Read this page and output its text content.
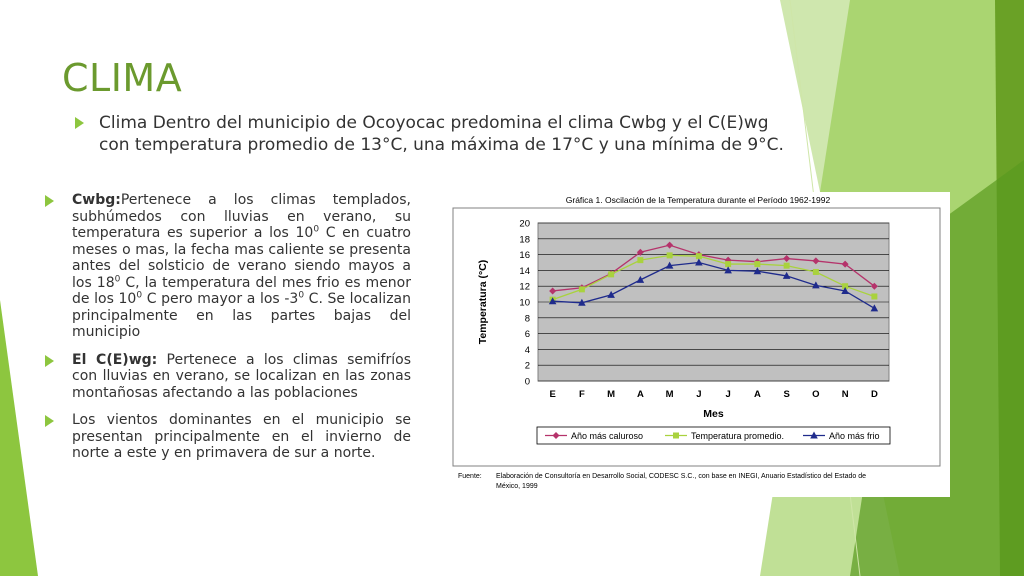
CLIMA
Clima Dentro del municipio de Ocoyocac predomina el clima Cwbg y el C(E)wg con temperatura promedio de 13°C, una máxima de 17°C y una mínima de 9°C.
Cwbg:Pertenece a los climas templados, subhúmedos con lluvias en verano, su temperatura es superior a los $10^0$ C en cuatro meses o mas, la fecha mas caliente se presenta antes del solsticio de verano siendo mayos a los $18^0$ C, la temperatura del mes frio es menor de los $10^0$ C pero mayor a los $-3^0$ C. Se localizan principalmente en las partes bajas del municipio
El C(E)wg: Pertenece a los climas semifríos con lluvias en verano, se localizan en las zonas montañosas afectando a las poblaciones
Los vientos dominantes en el municipio se presentan principalmente en el invierno de norte a este y en primavera de sur a norte.
Gráfica 1. Oscilación de la Temperatura durante el Período 1962-1992
0
2
4
6
8
10
12
14
16
18
20
E F M A M J	J A S O N D
Mes
Temperatura (°C)
Año más caluroso	Temperatura promedio.	Año más frio
Fuente: Elaboración de Consultoría en Desarrollo Social, CODESC S.C., con base en INEGI, Anuario Estadístico del Estado de
México, 1999
